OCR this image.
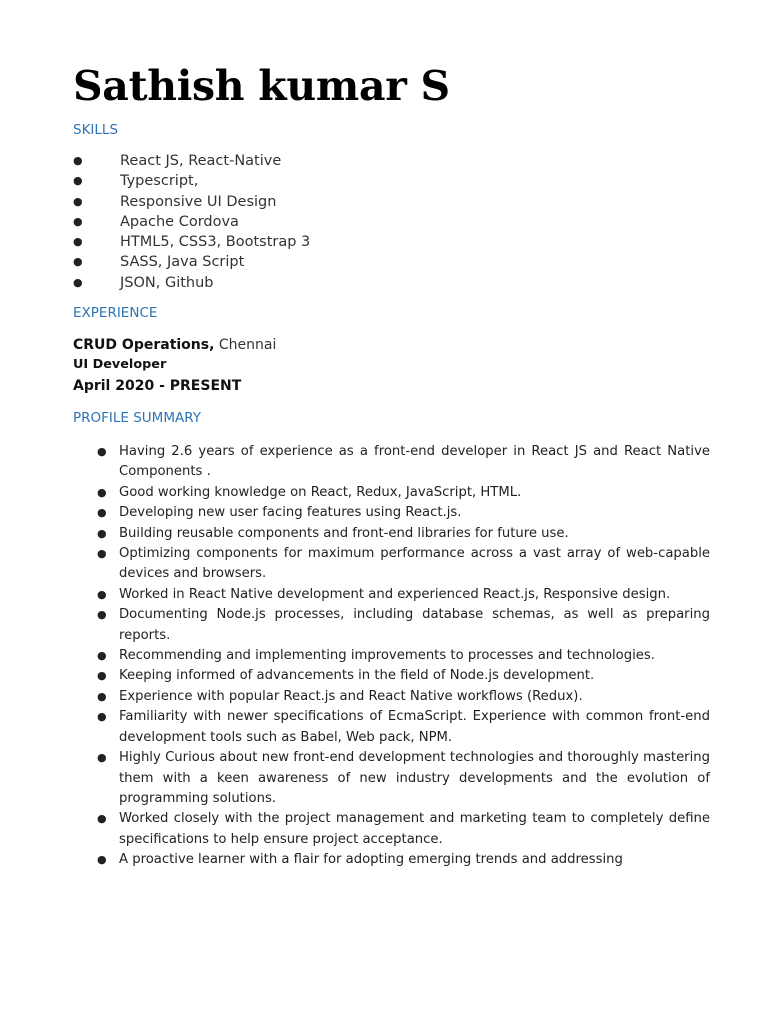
Sathish kumar S
SKILLS
●	React JS, React-Native
●	Typescript,
●	Responsive UI Design
●	Apache Cordova
●	HTML5, CSS3, Bootstrap 3
●	SASS, Java Script
●	JSON, Github
EXPERIENCE
CRUD Operations, Chennai
UI Developer
April 2020 - PRESENT
PROFILE SUMMARY
● Having 2.6 years of experience as a front-end developer in React JS and React Native Components .
● Good working knowledge on React, Redux, JavaScript, HTML.
● Developing new user facing features using React.js.
● Building reusable components and front-end libraries for future use.
● Optimizing components for maximum performance across a vast array of web-capable devices and browsers.
● Worked in React Native development and experienced React.js, Responsive design.
● Documenting Node.js processes, including database schemas, as well as preparing reports.
● Recommending and implementing improvements to processes and technologies.
● Keeping informed of advancements in the field of Node.js development.
● Experience with popular React.js and React Native workflows (Redux).
● Familiarity with newer specifications of EcmaScript. Experience with common front-end development tools such as Babel, Web pack, NPM.
● Highly Curious about new front-end development technologies and thoroughly mastering them with a keen awareness of new industry developments and the evolution of programming solutions.
● Worked closely with the project management and marketing team to completely define specifications to help ensure project acceptance.
● A proactive learner with a flair for adopting emerging trends and addressing
